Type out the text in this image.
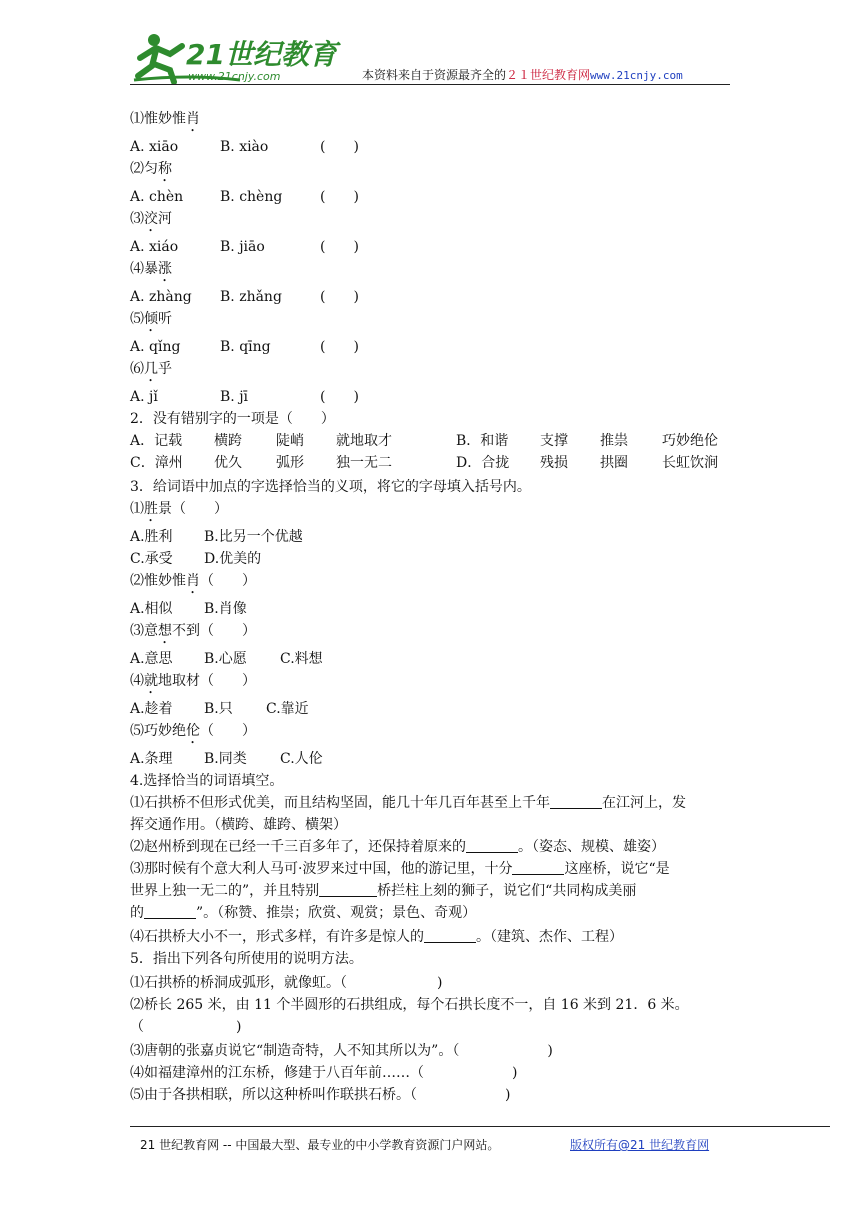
21世纪教育
www.21cnjy.com	本资料来自于资源最齐全的２１世纪教育网www.21cnjy.com
⑴惟妙惟肖
A. xiāo	B. xiào	(　　)
⑵匀称
A. chèn	B. chèng	(　　)
⑶洨河
A. xiáo	B. jiāo	(　　)
⑷暴涨
A. zhàng B. zhǎng	(　　)
⑸倾听
A. qǐng	B. qīng	(　　)
⑹几乎
A. jǐ	B. jī	(　　)
2．没有错别字的一项是（　　）
A．记载 横跨 陡峭 就地取才	B．和谐 支撑 推祟 巧妙绝伦
C．漳州 优久 弧形 独一无二	D．合拢 残损 拱圈 长虹饮涧
3．给词语中加点的字选择恰当的义项，将它的字母填入括号内。
⑴胜景（　　）
A.胜利 B.比另一个优越
C.承受 D.优美的
⑵惟妙惟肖（　　）
A.相似 B.肖像
⑶意想不到（　　）
A.意思 B.心愿 C.料想
⑷就地取材（　　）
A.趁着 B.只 C.靠近
⑸巧妙绝伦（　　）
A.条理 B.同类 C.人伦
4.选择恰当的词语填空。
⑴石拱桥不但形式优美，而且结构坚固，能几十年几百年甚至上千年	在江河上，发
挥交通作用。（横跨、雄跨、横架）
⑵赵州桥到现在已经一千三百多年了，还保持着原来的	。（姿态、规模、雄姿）
⑶那时候有个意大利人马可·波罗来过中国，他的游记里，十分	这座桥，说它“是
世界上独一无二的”，并且特别	桥拦柱上刻的狮子，说它们“共同构成美丽
的	”。（称赞、推崇；欣赏、观赏；景色、奇观）
⑷石拱桥大小不一，形式多样，有许多是惊人的	。（建筑、杰作、工程）
5．指出下列各句所使用的说明方法。
⑴石拱桥的桥洞成弧形，就像虹。（	)
⑵桥长 265 米，由 11 个半圆形的石拱组成，每个石拱长度不一，自 16 米到 21．6 米。
（	)
⑶唐朝的张嘉贞说它“制造奇特，人不知其所以为”。（	)
⑷如福建漳州的江东桥，修建于八百年前……（	)
⑸由于各拱相联，所以这种桥叫作联拱石桥。（	)
21 世纪教育网 -- 中国最大型、最专业的中小学教育资源门户网站。	版权所有@21 世纪教育网
